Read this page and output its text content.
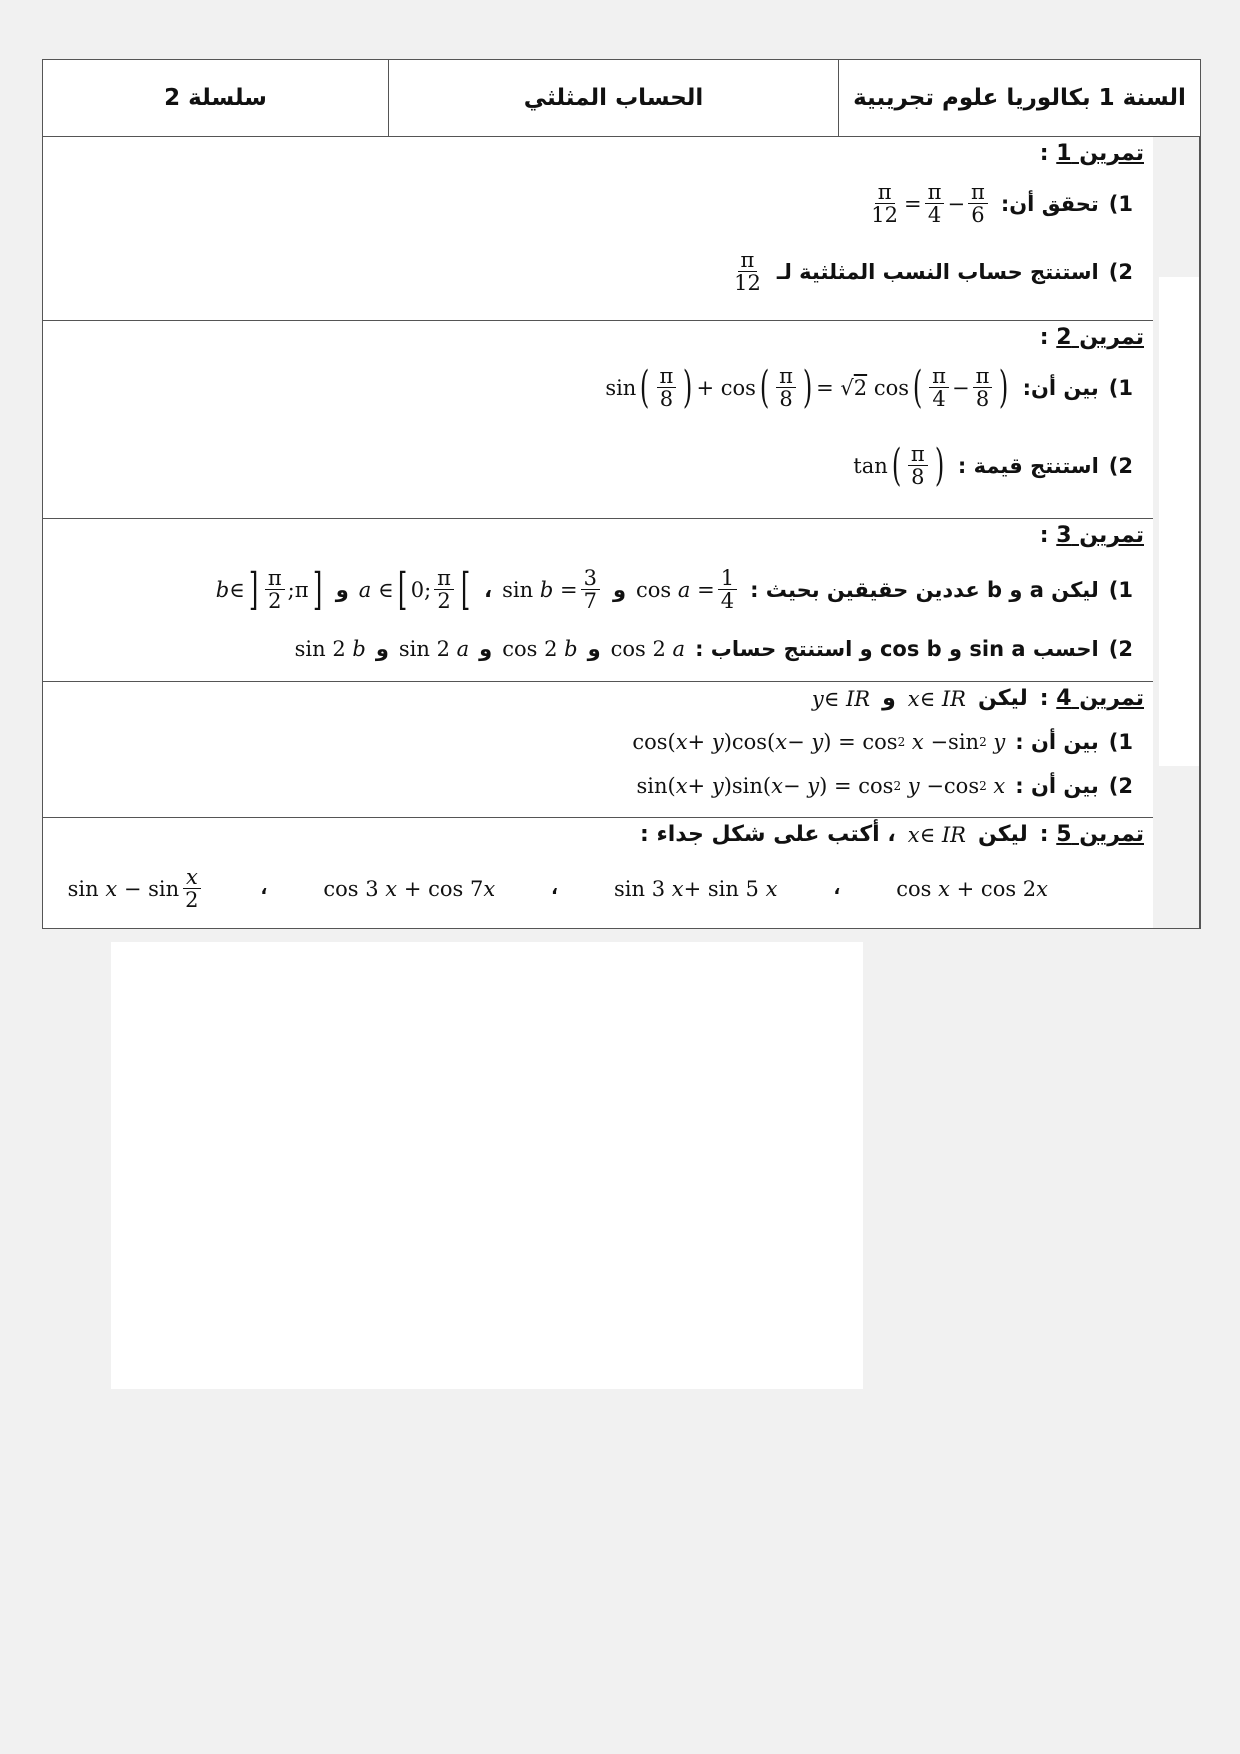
السنة 1 بكالوريا علوم تجريبية
الحساب المثلثي
سلسلة 2
تمرين 1 :
1)
تحقق أن:
$\frac{\pi}{12} = \frac{\pi}{4} - \frac{\pi}{6}$
2)
استنتج حساب النسب المثلثية لـ
$\frac{\pi}{12}$
تمرين 2 :
1)
بين أن:
sin ( $\frac{\pi}{8}$ ) + cos ( $\frac{\pi}{8}$ ) = √ 2 cos ( $\frac{\pi}{4} - \frac{\pi}{8}$ )
2)
استنتج قيمة :
tan ( $\frac{\pi}{8}$ )
تمرين 3 :
1)
ليكن a و b عددين حقيقين بحيث :
$\cos a = \frac{1}{4}$
و
$\sin b = \frac{3}{7}$
،
a ∈ [ 0; $\frac{\pi}{2}$ [
و
b ∈ ] $\frac{\pi}{2}$ ;π ]
2)
احسب sin a و cos b و استنتج حساب :
cos 2 a
و
cos 2 b
و
sin 2 a
و
sin 2 b
تمرين 4 :
ليكن
x ∈ IR
و
y ∈ IR
1)
بين أن :
cos( x + y )cos( x − y ) = cos 2
x −sin 2
y
2)
بين أن :
sin( x + y )sin( x − y ) = cos 2
y −cos 2
x
تمرين 5 :
ليكن
x ∈ IR
، أكتب على شكل جداء :
cos x + cos 2 x
،
sin 3 x + sin 5 x
،
cos 3 x + cos 7 x
،
$\sin x - \sin \frac{x}{2}$
